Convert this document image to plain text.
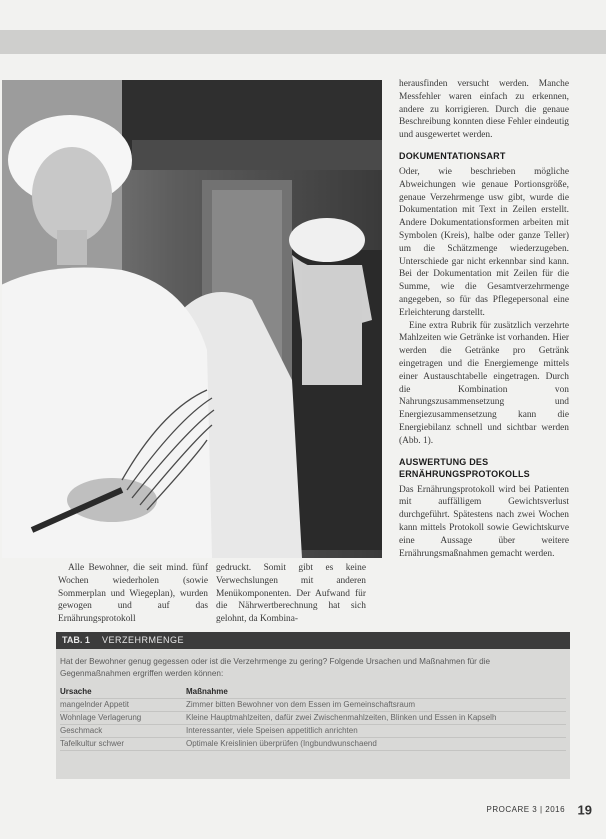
herausfinden versucht werden. Manche Messfehler waren einfach zu erkennen, andere zu korrigieren. Durch die genaue Beschreibung konnten diese Fehler eindeutig und ausgewertet werden.

DOKUMENTATIONSART

Oder, wie beschrieben mögliche Abweichungen wie genaue Portionsgröße, genaue Verzehrmenge usw gibt, wurde die Dokumentation mit Text in Zeilen erstellt. Andere Dokumentationsformen arbeiten mit Symbolen (Kreis), halbe oder ganze Teller) um die Schätzmenge wiederzugeben. Unterschiede gar nicht erkennbar sind kann. Bei der Dokumentation mit Zeilen für die Summe, wie die Gesamtverzehrmenge angegeben, so für das Pflegepersonal eine Erleichterung darstellt.

Eine extra Rubrik für zusätzlich verzehrte Mahlzeiten wie Getränke ist vorhanden. Hier werden die Getränke pro Getränk eingetragen und die Energiemenge mittels einer Austauschtabelle eingetragen. Durch die Kombination von Nahrungszusammensetzung und Energiezusammensetzung kann die Energiebilanz schnell und sichtbar werden (Abb. 1).

AUSWERTUNG DES ERNÄHRUNGSPROTOKOLLS

Das Ernährungsprotokoll wird bei Patienten mit auffälligem Gewichtsverlust durchgeführt. Spätestens nach zwei Wochen kann mittels Protokoll sowie Gewichtskurve eine Aussage über weitere Ernährungsmaßnahmen gemacht werden.

Alle Bewohner, die seit mind. fünf Wochen wiederholen (sowie Sommerplan und Wiegeplan), wurden gewogen und auf das Ernährungsprotokoll

gedruckt. Somit gibt es keine Verwechslungen mit anderen Menükomponenten. Der Aufwand für die Nährwertberechnung hat sich gelohnt, da Kombina-

TAB. 1 VERZEHRMENGE
Hat der Bewohner genug gegessen oder ist die Verzehrmenge zu gering? Folgende Ursachen und Maßnahmen für die Gegenmaßnahmen ergriffen werden können:
Ursache	Maßnahme
mangelnder Appetit	Zimmer bitten Bewohner von dem Essen im Gemeinschaftsraum
Wohnlage Verlagerung	Kleine Hauptmahlzeiten, dafür zwei Zwischenmahlzeiten, Blinken und Essen in Kapselh
Geschmack	Interessanter, viele Speisen appetitlich anrichten
Tafelkultur schwer	Optimale Kreislinien überprüfen (Ingbundwunschaend
PROCARE 3 | 2016 19
